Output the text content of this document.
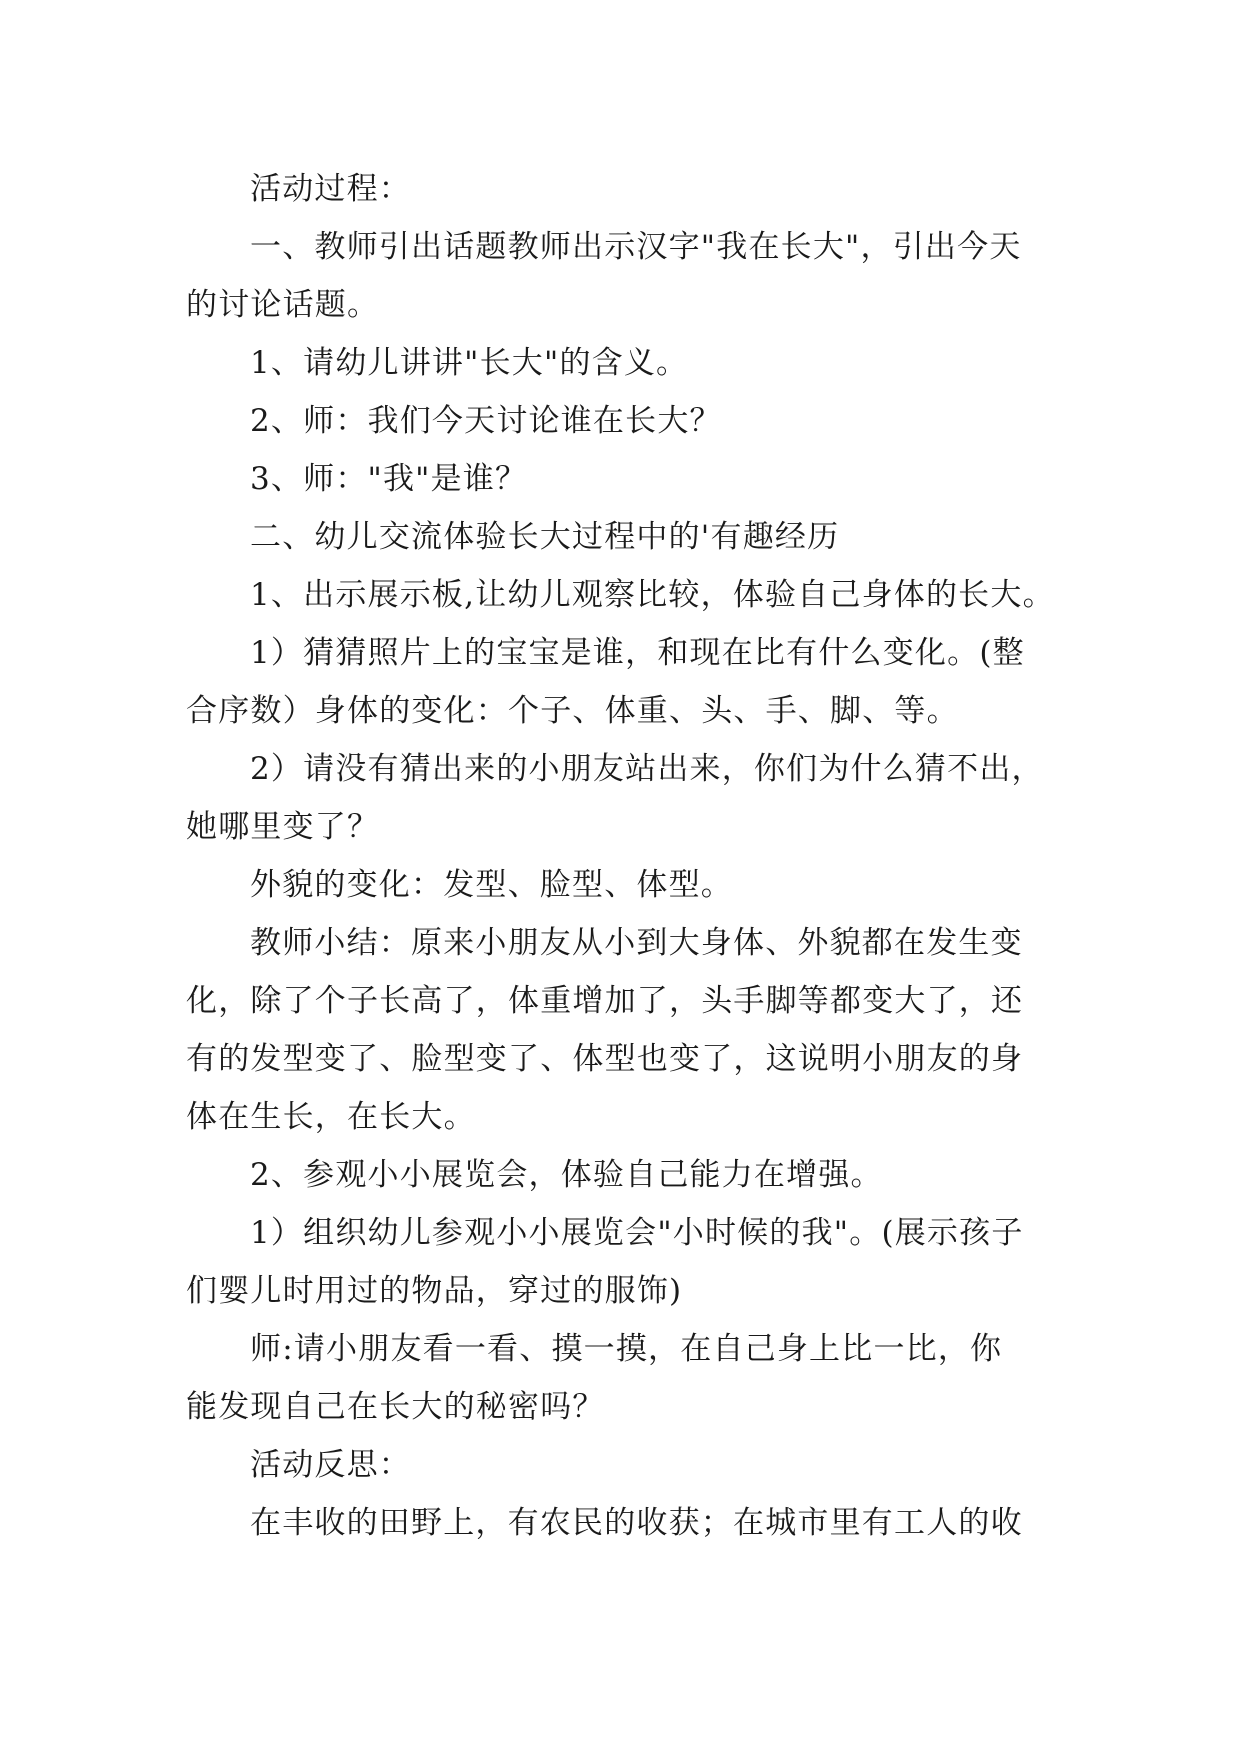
活动过程：
一、教师引出话题教师出示汉字"我在长大"，引出今天
的讨论话题。
1、请幼儿讲讲"长大"的含义。
2、师：我们今天讨论谁在长大？
3、师："我"是谁？
二、幼儿交流体验长大过程中的'有趣经历
1、出示展示板,让幼儿观察比较，体验自己身体的长大。
1）猜猜照片上的宝宝是谁，和现在比有什么变化。(整
合序数）身体的变化：个子、体重、头、手、脚、等。
2）请没有猜出来的小朋友站出来，你们为什么猜不出，
她哪里变了？
外貌的变化：发型、脸型、体型。
教师小结：原来小朋友从小到大身体、外貌都在发生变
化，除了个子长高了，体重增加了，头手脚等都变大了，还
有的发型变了、脸型变了、体型也变了，这说明小朋友的身
体在生长，在长大。
2、参观小小展览会，体验自己能力在增强。
1）组织幼儿参观小小展览会"小时候的我"。(展示孩子
们婴儿时用过的物品，穿过的服饰)
师:请小朋友看一看、摸一摸，在自己身上比一比，你
能发现自己在长大的秘密吗？
活动反思：
在丰收的田野上，有农民的收获；在城市里有工人的收
